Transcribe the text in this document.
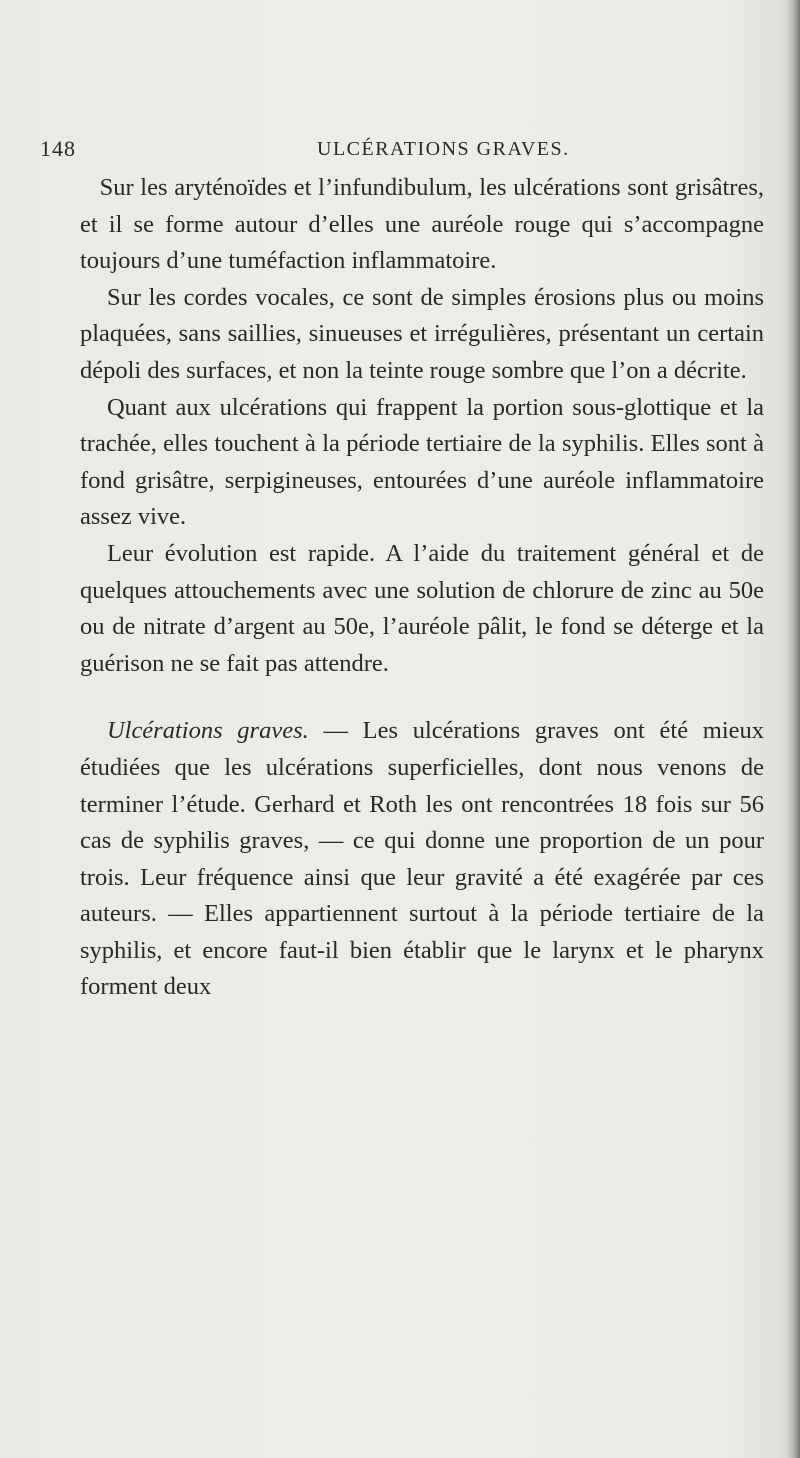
148	ULCÉRATIONS GRAVES.

Sur les aryténoïdes et l’infundibulum, les ulcérations sont grisâtres, et il se forme autour d’elles une auréole rouge qui s’accompagne toujours d’une tuméfaction inflammatoire.

Sur les cordes vocales, ce sont de simples érosions plus ou moins plaquées, sans saillies, sinueuses et irrégulières, présentant un certain dépoli des surfaces, et non la teinte rouge sombre que l’on a décrite.

Quant aux ulcérations qui frappent la portion sous-glottique et la trachée, elles touchent à la période tertiaire de la syphilis. Elles sont à fond grisâtre, serpigineuses, entourées d’une auréole inflammatoire assez vive.

Leur évolution est rapide. A l’aide du traitement général et de quelques attouchements avec une solution de chlorure de zinc au 50e ou de nitrate d’argent au 50e, l’auréole pâlit, le fond se déterge et la guérison ne se fait pas attendre.

Ulcérations graves. — Les ulcérations graves ont été mieux étudiées que les ulcérations superficielles, dont nous venons de terminer l’étude. Gerhard et Roth les ont rencontrées 18 fois sur 56 cas de syphilis graves, — ce qui donne une proportion de un pour trois. Leur fréquence ainsi que leur gravité a été exagérée par ces auteurs. — Elles appartiennent surtout à la période tertiaire de la syphilis, et encore faut-il bien établir que le larynx et le pharynx forment deux
